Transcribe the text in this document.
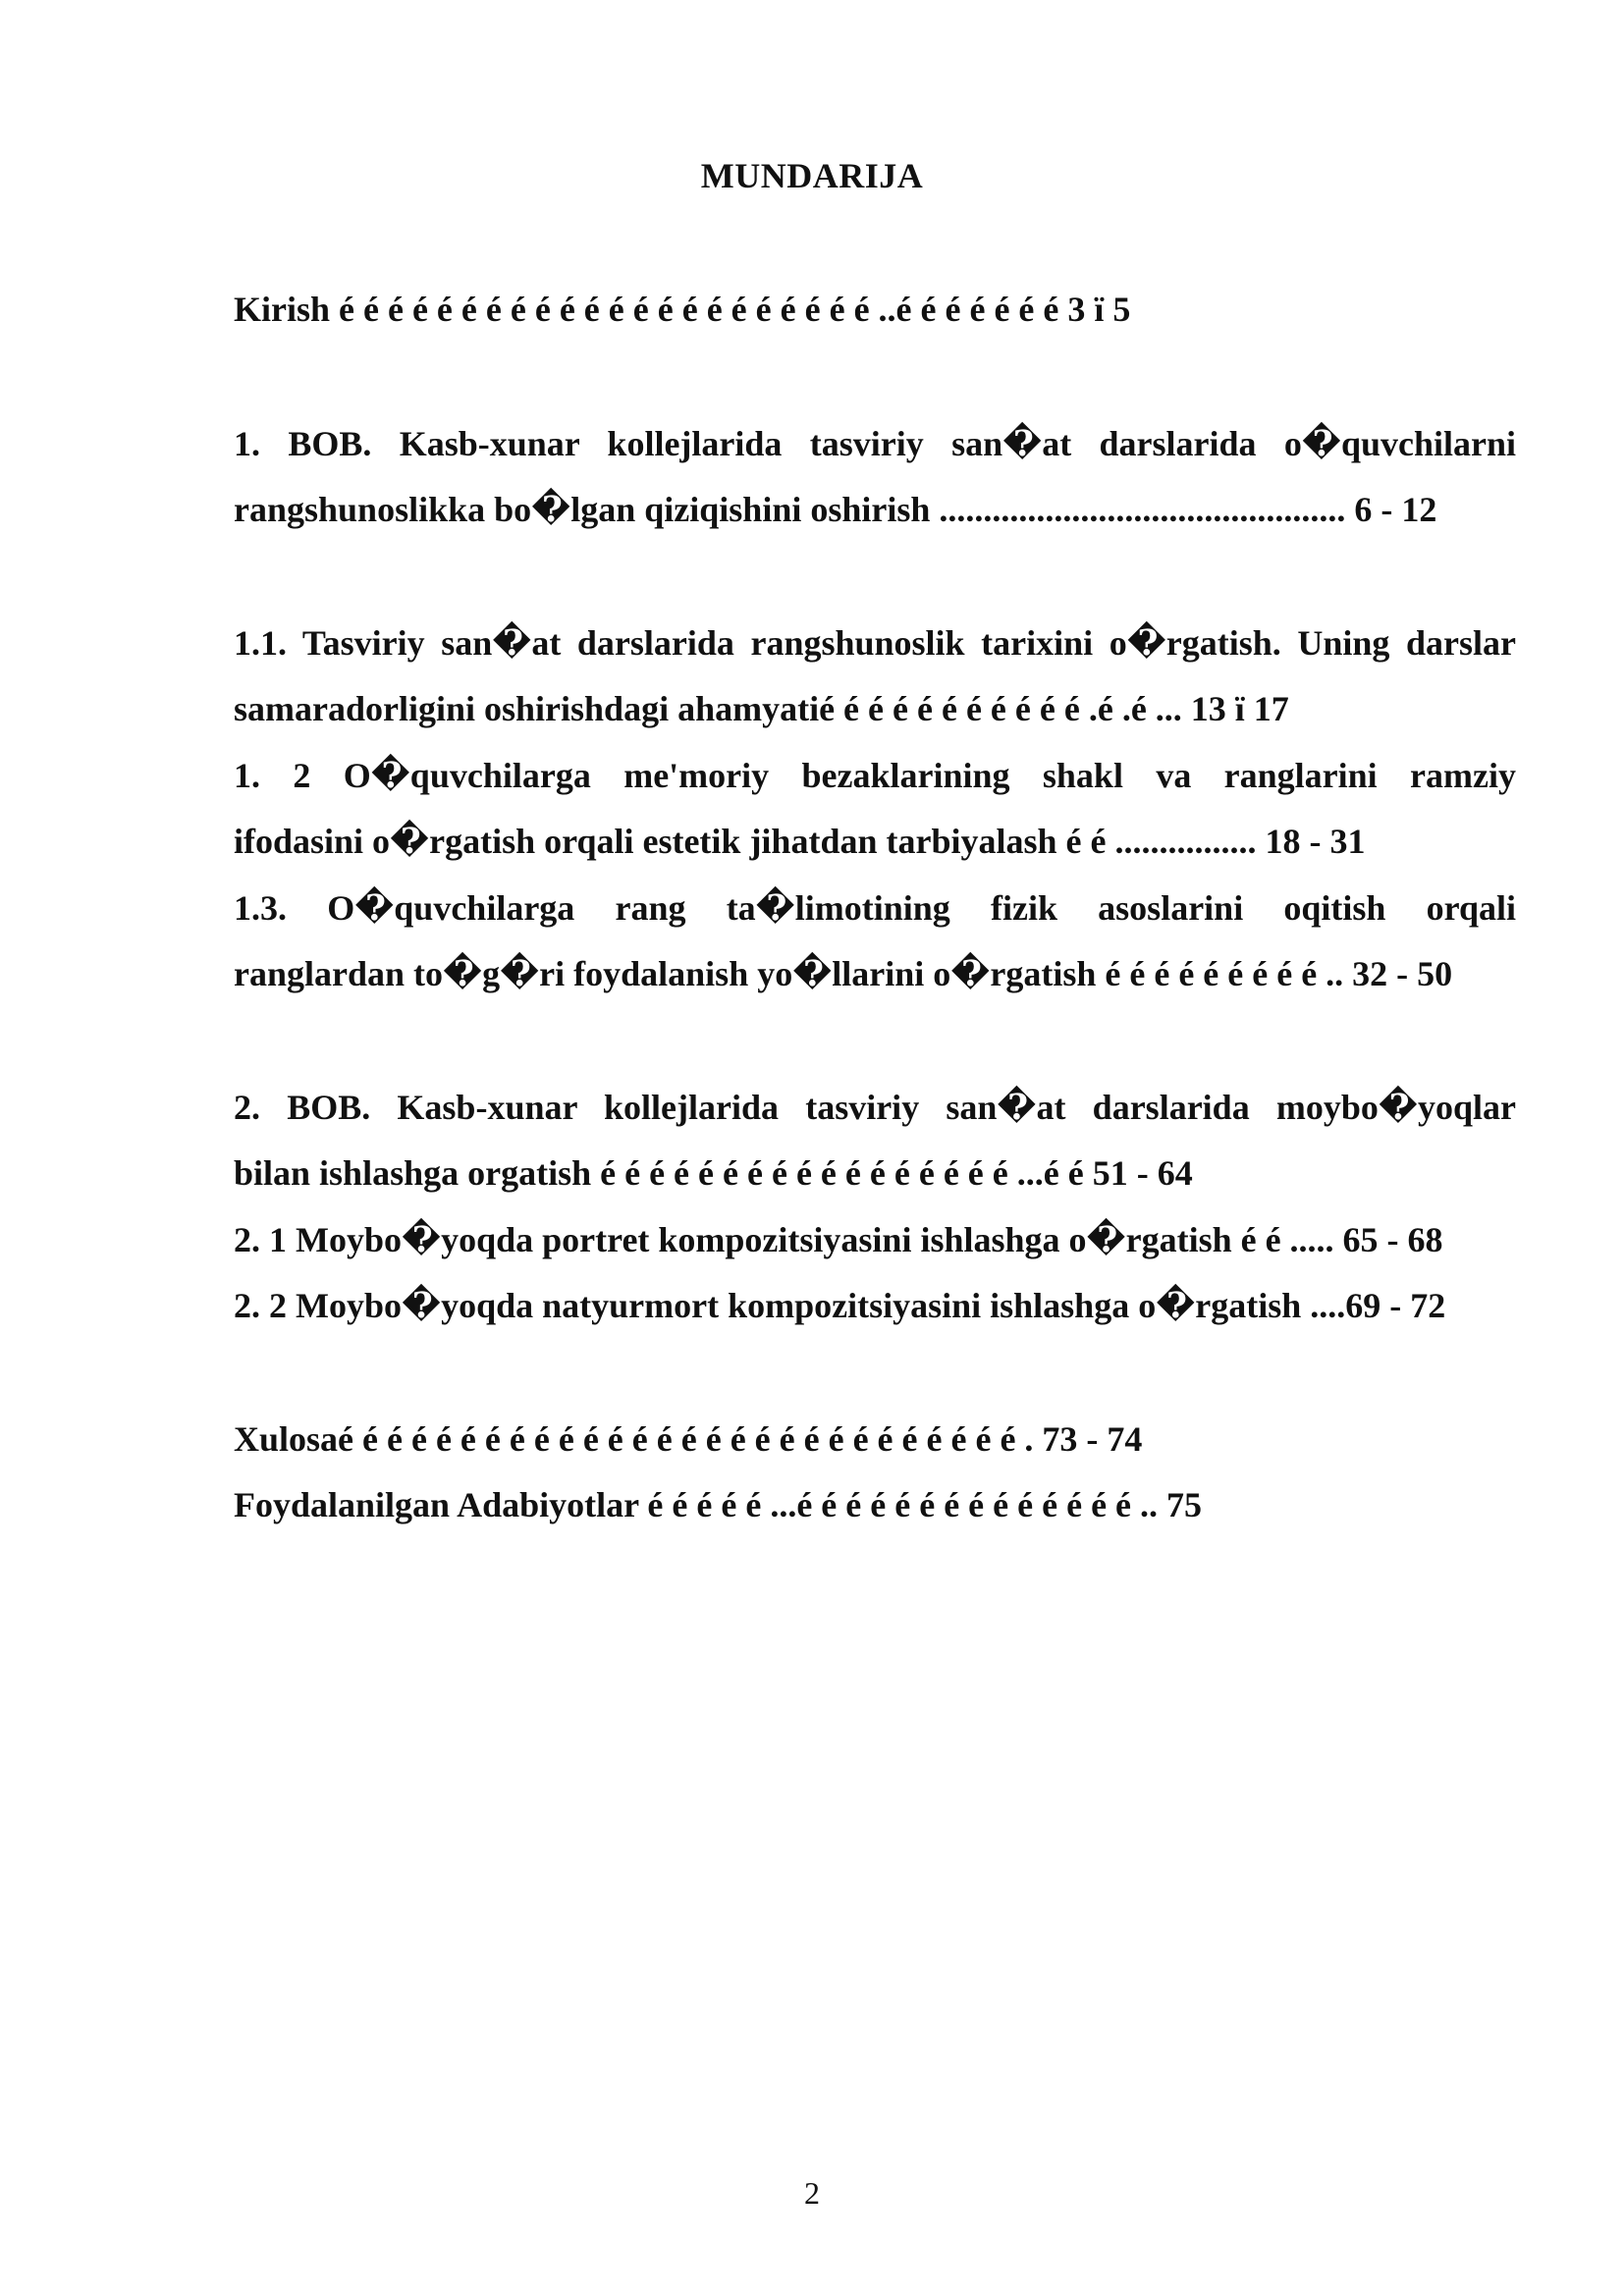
MUNDARIJA
Kirish é é é é é é é é é é é é é é é é é é é é é é ..é é é é é é é 3 ï 5
1. BOB. Kasb-xunar kollejlarida tasviriy san�at darslarida o�quvchilarni
rangshunoslikka bo�lgan qiziqishini oshirish .............................................. 6 - 12
1.1. Tasviriy san�at darslarida rangshunoslik tarixini o�rgatish. Uning darslar
samaradorligini oshirishdagi ahamyatié é é é é é é é é é é .é .é ... 13 ï 17
1. 2 O�quvchilarga me'moriy bezaklarining shakl va ranglarini ramziy
ifodasini o�rgatish orqali estetik jihatdan tarbiyalash é é ................ 18 - 31
1.3. O�quvchilarga rang ta�limotining fizik asoslarini oqitish orqali
ranglardan to�g�ri foydalanish yo�llarini o�rgatish é é é é é é é é é .. 32 - 50
2. BOB. Kasb-xunar kollejlarida tasviriy san�at darslarida moybo�yoqlar
bilan ishlashga orgatish é é é é é é é é é é é é é é é é é ...é é 51 - 64
2. 1 Moybo�yoqda portret kompozitsiyasini ishlashga o�rgatish é é ..... 65 - 68
2. 2 Moybo�yoqda natyurmort kompozitsiyasini ishlashga o�rgatish ....69 - 72
Xulosaé é é é é é é é é é é é é é é é é é é é é é é é é é é é . 73 - 74
Foydalanilgan Adabiyotlar é é é é é ...é é é é é é é é é é é é é é .. 75
2
